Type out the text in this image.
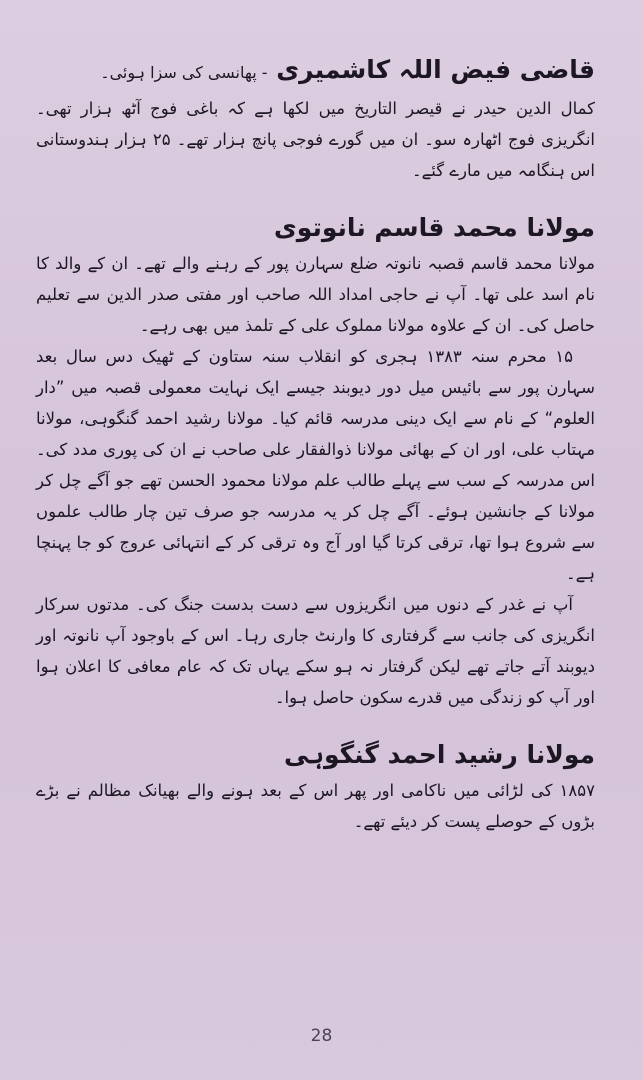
قاضی فیض اللہ کاشمیری - پھانسی کی سزا ہوئی۔

کمال الدین حیدر نے قیصر التاریخ میں لکھا ہے کہ باغی فوج آٹھ ہزار تھی۔ انگریزی فوج اٹھارہ سو۔ ان میں گورے فوجی پانچ ہزار تھے۔ ۲۵ ہزار ہندوستانی اس ہنگامہ میں مارے گئے۔

مولانا محمد قاسم نانوتوی

مولانا محمد قاسم قصبہ نانوتہ ضلع سہارن پور کے رہنے والے تھے۔ ان کے والد کا نام اسد علی تھا۔ آپ نے حاجی امداد اللہ صاحب اور مفتی صدر الدین سے تعلیم حاصل کی۔ ان کے علاوہ مولانا مملوک علی کے تلمذ میں بھی رہے۔

۱۵ محرم سنہ ۱۳۸۳ ہجری کو انقلاب سنہ ستاون کے ٹھیک دس سال بعد سہارن پور سے بائیس میل دور دیوبند جیسے ایک نہایت معمولی قصبہ میں ”دار العلوم“ کے نام سے ایک دینی مدرسہ قائم کیا۔ مولانا رشید احمد گنگوہی، مولانا مہتاب علی، اور ان کے بھائی مولانا ذوالفقار علی صاحب نے ان کی پوری مدد کی۔ اس مدرسہ کے سب سے پہلے طالب علم مولانا محمود الحسن تھے جو آگے چل کر مولانا کے جانشین ہوئے۔ آگے چل کر یہ مدرسہ جو صرف تین چار طالب علموں سے شروع ہوا تھا، ترقی کرتا گیا اور آج وہ ترقی کر کے انتہائی عروج کو جا پہنچا ہے۔

آپ نے غدر کے دنوں میں انگریزوں سے دست بدست جنگ کی۔ مدتوں سرکار انگریزی کی جانب سے گرفتاری کا وارنٹ جاری رہا۔ اس کے باوجود آپ نانوتہ اور دیوبند آتے جاتے تھے لیکن گرفتار نہ ہو سکے یہاں تک کہ عام معافی کا اعلان ہوا اور آپ کو زندگی میں قدرے سکون حاصل ہوا۔

مولانا رشید احمد گنگوہی

۱۸۵۷ کی لڑائی میں ناکامی اور پھر اس کے بعد ہونے والے بھیانک مظالم نے بڑے بڑوں کے حوصلے پست کر دیئے تھے۔

28
